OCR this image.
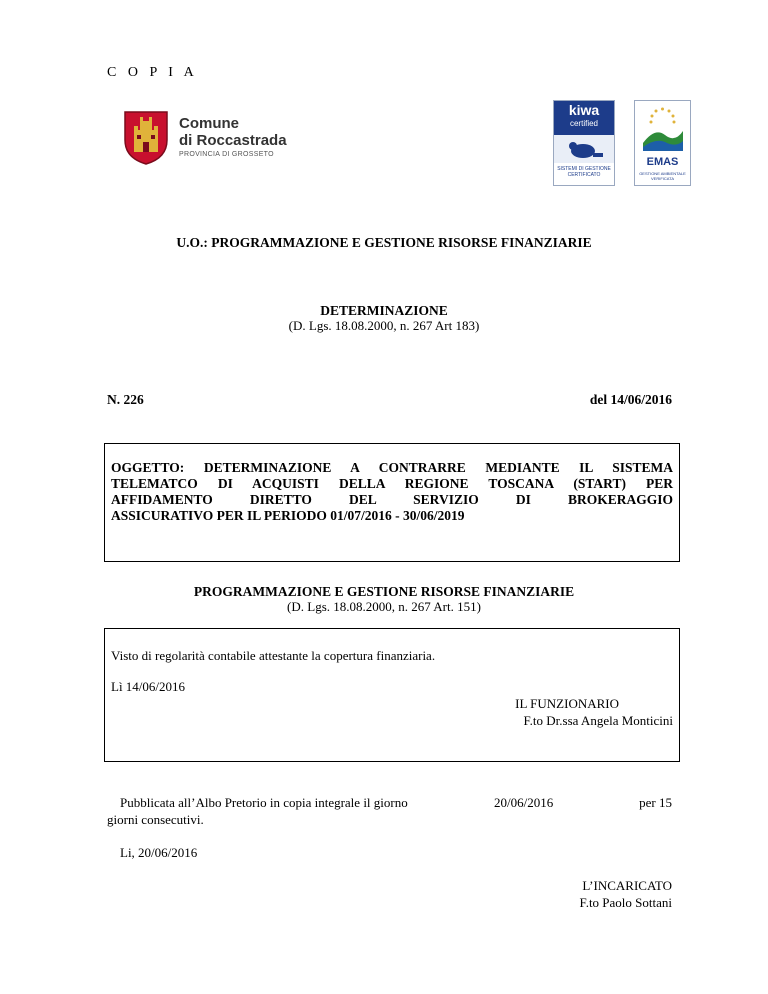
C O P I A
Comune
di Roccastrada
PROVINCIA DI GROSSETO
kiwa
certified
SISTEMI DI GESTIONE CERTIFICATO
EMAS
GESTIONE AMBIENTALE VERIFICATA
U.O.: PROGRAMMAZIONE E GESTIONE RISORSE FINANZIARIE
DETERMINAZIONE
(D. Lgs. 18.08.2000, n. 267 Art 183)
N. 226	del 14/06/2016
OGGETTO: DETERMINAZIONE A CONTRARRE MEDIANTE IL SISTEMA
TELEMATCO DI ACQUISTI DELLA REGIONE TOSCANA (START) PER
AFFIDAMENTO DIRETTO DEL SERVIZIO DI BROKERAGGIO
ASSICURATIVO PER IL PERIODO 01/07/2016 - 30/06/2019
PROGRAMMAZIONE E GESTIONE RISORSE FINANZIARIE
(D. Lgs. 18.08.2000, n. 267 Art. 151)
Visto di regolarità contabile attestante la copertura finanziaria.
Lì 14/06/2016
IL FUNZIONARIO
F.to Dr.ssa Angela Monticini
Pubblicata all’Albo Pretorio in copia integrale il giorno
giorni consecutivi.
20/06/2016	per 15
Li, 20/06/2016
L’INCARICATO
F.to Paolo Sottani
